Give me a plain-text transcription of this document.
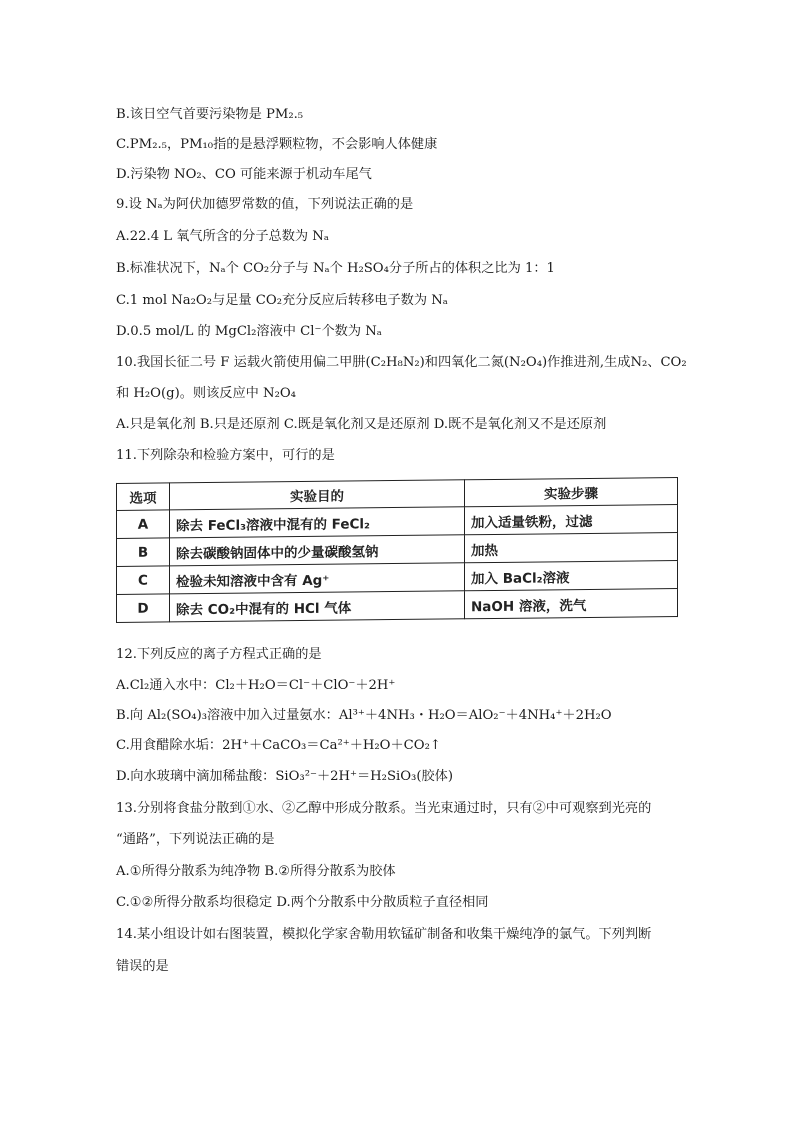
B.该日空气首要污染物是 PM₂.₅
C.PM₂.₅，PM₁₀指的是悬浮颗粒物，不会影响人体健康
D.污染物 NO₂、CO 可能来源于机动车尾气
9.设 Nₐ为阿伏加德罗常数的值，下列说法正确的是
A.22.4 L 氧气所含的分子总数为 Nₐ
B.标准状况下，Nₐ个 CO₂分子与 Nₐ个 H₂SO₄分子所占的体积之比为 1：1
C.1 mol Na₂O₂与足量 CO₂充分反应后转移电子数为 Nₐ
D.0.5 mol/L 的 MgCl₂溶液中 Cl⁻个数为 Nₐ
10.我国长征二号 F 运载火箭使用偏二甲肼(C₂H₈N₂)和四氧化二氮(N₂O₄)作推进剂,生成N₂、CO₂
和 H₂O(g)。则该反应中 N₂O₄
A.只是氧化剂 B.只是还原剂 C.既是氧化剂又是还原剂 D.既不是氧化剂又不是还原剂
11.下列除杂和检验方案中，可行的是
选项	实验目的	实验步骤
A	除去 FeCl₃溶液中混有的 FeCl₂	加入适量铁粉，过滤
B	除去碳酸钠固体中的少量碳酸氢钠	加热
C	检验未知溶液中含有 Ag⁺	加入 BaCl₂溶液
D	除去 CO₂中混有的 HCl 气体	NaOH 溶液，洗气
12.下列反应的离子方程式正确的是
A.Cl₂通入水中：Cl₂＋H₂O＝Cl⁻＋ClO⁻＋2H⁺
B.向 Al₂(SO₄)₃溶液中加入过量氨水：Al³⁺＋4NH₃・H₂O＝AlO₂⁻＋4NH₄⁺＋2H₂O
C.用食醋除水垢：2H⁺＋CaCO₃＝Ca²⁺＋H₂O＋CO₂↑
D.向水玻璃中滴加稀盐酸：SiO₃²⁻＋2H⁺＝H₂SiO₃(胶体)
13.分别将食盐分散到①水、②乙醇中形成分散系。当光束通过时，只有②中可观察到光亮的
“通路”，下列说法正确的是
A.①所得分散系为纯净物 B.②所得分散系为胶体
C.①②所得分散系均很稳定 D.两个分散系中分散质粒子直径相同
14.某小组设计如右图装置，模拟化学家舍勒用软锰矿制备和收集干燥纯净的氯气。下列判断
错误的是
